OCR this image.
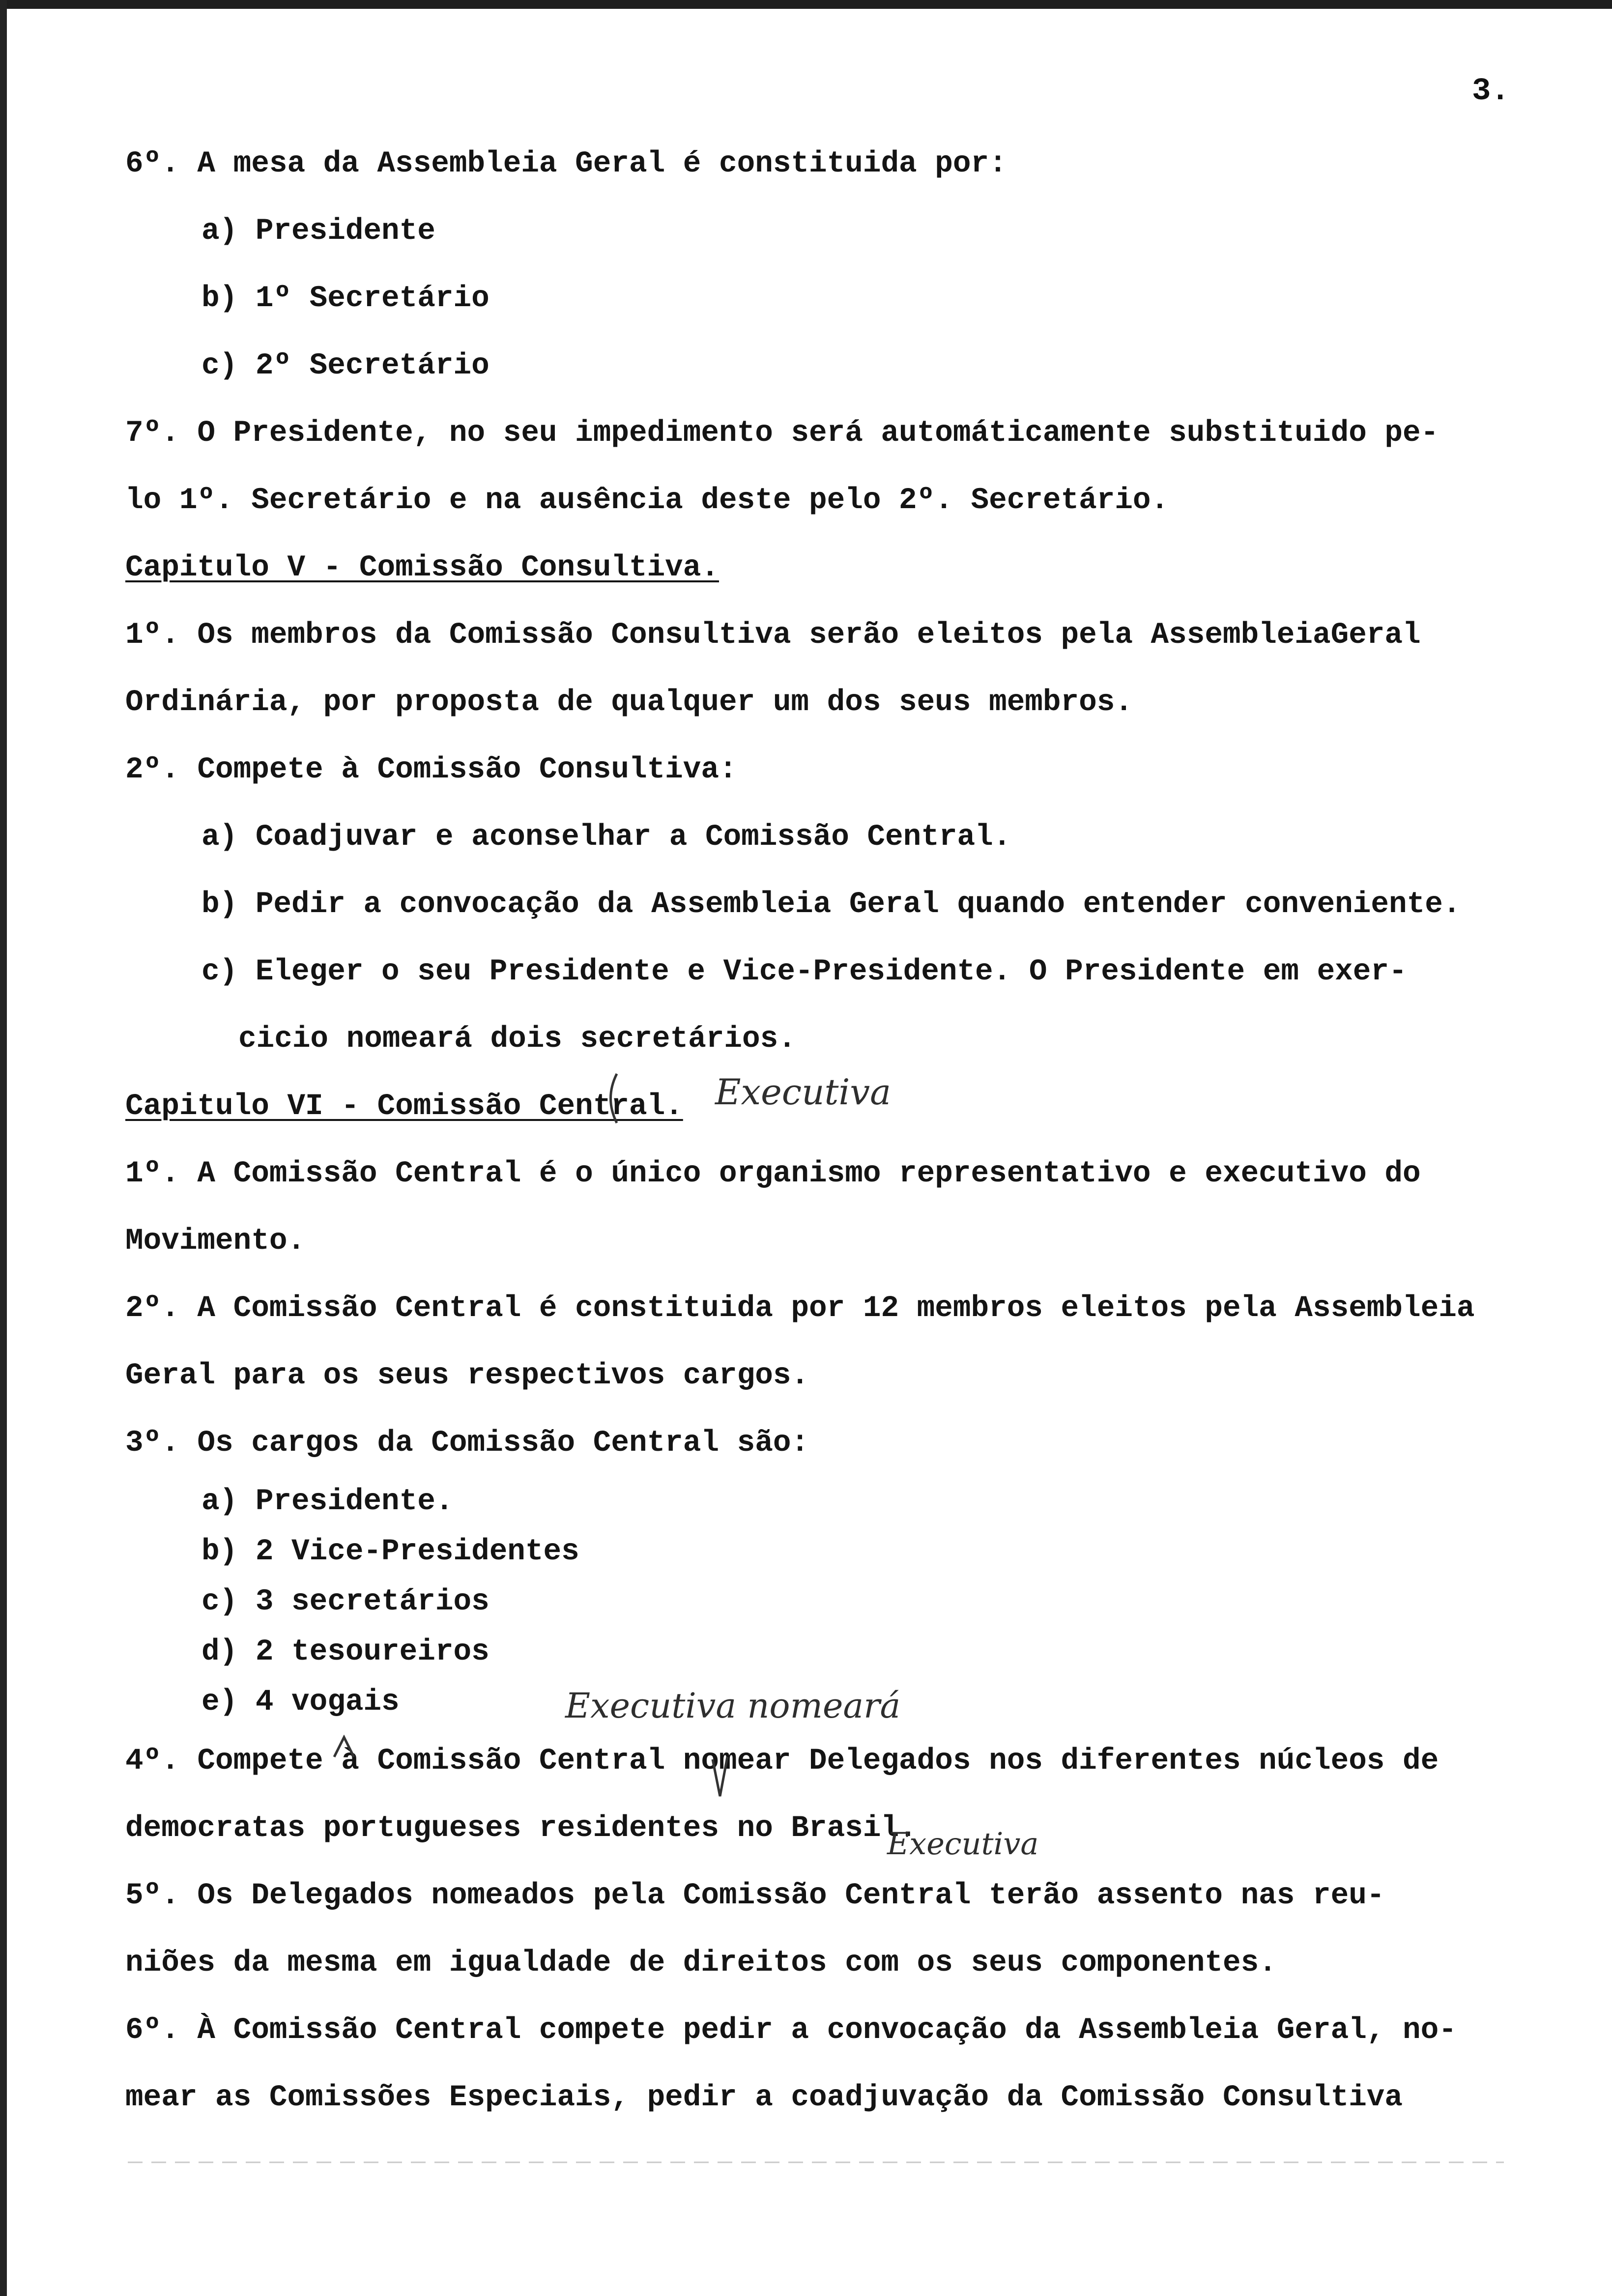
3.

6º. A mesa da Assembleia Geral é constituida por:

a) Presidente

b) 1º Secretário

c) 2º Secretário

7º. O Presidente, no seu impedimento será automáticamente substituido pe-

lo 1º. Secretário e na ausência deste pelo 2º. Secretário.

Capitulo V - Comissão Consultiva.

1º. Os membros da Comissão Consultiva serão eleitos pela AssembleiaGeral

Ordinária, por proposta de qualquer um dos seus membros.

2º. Compete à Comissão Consultiva:

a) Coadjuvar e aconselhar a Comissão Central.

b) Pedir a convocação da Assembleia Geral quando entender conveniente.

c) Eleger o seu Presidente e Vice-Presidente. O Presidente em exer-

cicio nomeará dois secretários.

Capitulo VI - Comissão Central.

1º. A Comissão Central é o único organismo representativo e executivo do

Movimento.

2º. A Comissão Central é constituida por 12 membros eleitos pela Assembleia

Geral para os seus respectivos cargos.

3º. Os cargos da Comissão Central são:

a) Presidente.

b) 2 Vice-Presidentes

c) 3 secretários

d) 2 tesoureiros

e) 4 vogais

4º. Compete à Comissão Central nomear Delegados nos diferentes núcleos de

democratas portugueses residentes no Brasil.

5º. Os Delegados nomeados pela Comissão Central terão assento nas reu-

niões da mesma em igualdade de direitos com os seus componentes.

6º. À Comissão Central compete pedir a convocação da Assembleia Geral, no-

mear as Comissões Especiais, pedir a coadjuvação da Comissão Consultiva

Executiva
Executiva nomeará
Executiva
